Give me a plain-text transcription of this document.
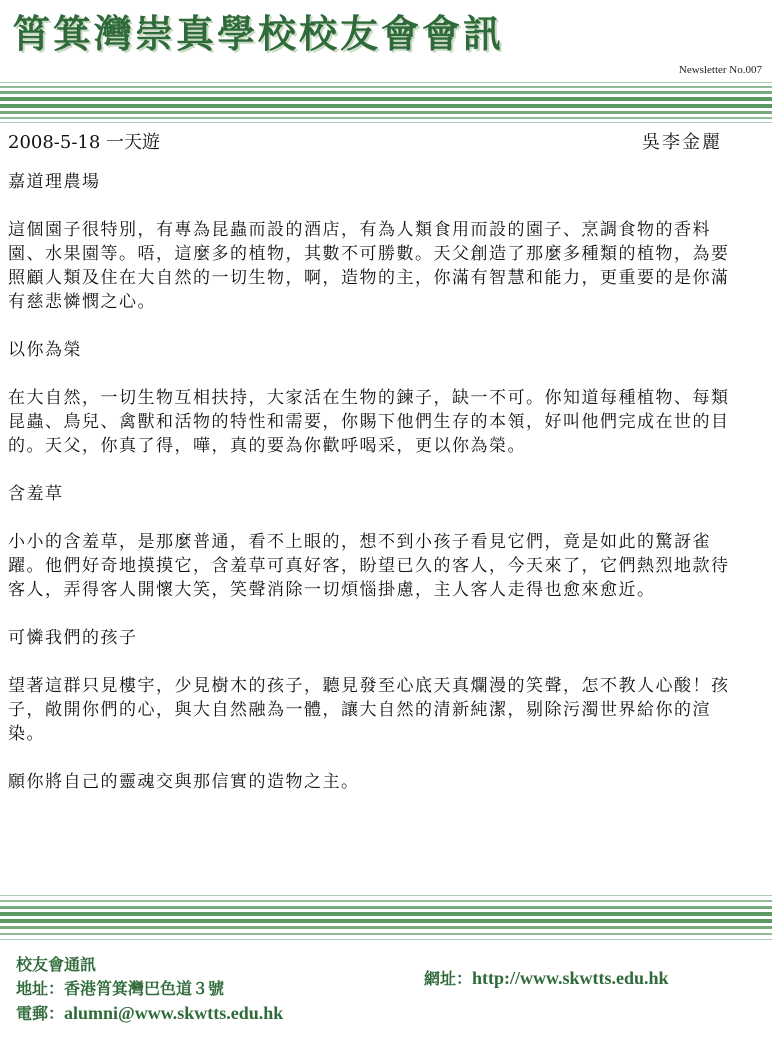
筲箕灣崇真學校校友會會訊
Newsletter No.007
2008-5-18 一天遊	吳李金麗
嘉道理農場

這個園子很特別，有專為昆蟲而設的酒店，有為人類食用而設的園子、烹調食物的香料園、水果園等。唔，這麼多的植物，其數不可勝數。天父創造了那麼多種類的植物，為要照顧人類及住在大自然的一切生物，啊，造物的主，你滿有智慧和能力，更重要的是你滿有慈悲憐憫之心。

以你為榮

在大自然，一切生物互相扶持，大家活在生物的鍊子，缺一不可。你知道每種植物、每類昆蟲、鳥兒、禽獸和活物的特性和需要，你賜下他們生存的本領，好叫他們完成在世的目的。天父，你真了得，嘩，真的要為你歡呼喝采，更以你為榮。

含羞草

小小的含羞草，是那麼普通，看不上眼的，想不到小孩子看見它們，竟是如此的驚訝雀躍。他們好奇地摸摸它，含羞草可真好客，盼望已久的客人，今天來了，它們熱烈地款待客人，弄得客人開懷大笑，笑聲消除一切煩惱掛慮，主人客人走得也愈來愈近。

可憐我們的孩子

望著這群只見樓宇，少見樹木的孩子，聽見發至心底天真爛漫的笑聲，怎不教人心酸！孩子，敞開你們的心，與大自然融為一體，讓大自然的清新純潔，剔除污濁世界給你的渲染。

願你將自己的靈魂交與那信實的造物之主。

校友會通訊
地址：香港筲箕灣巴色道３號
電郵：alumni@www.skwtts.edu.hk
網址：http://www.skwtts.edu.hk
